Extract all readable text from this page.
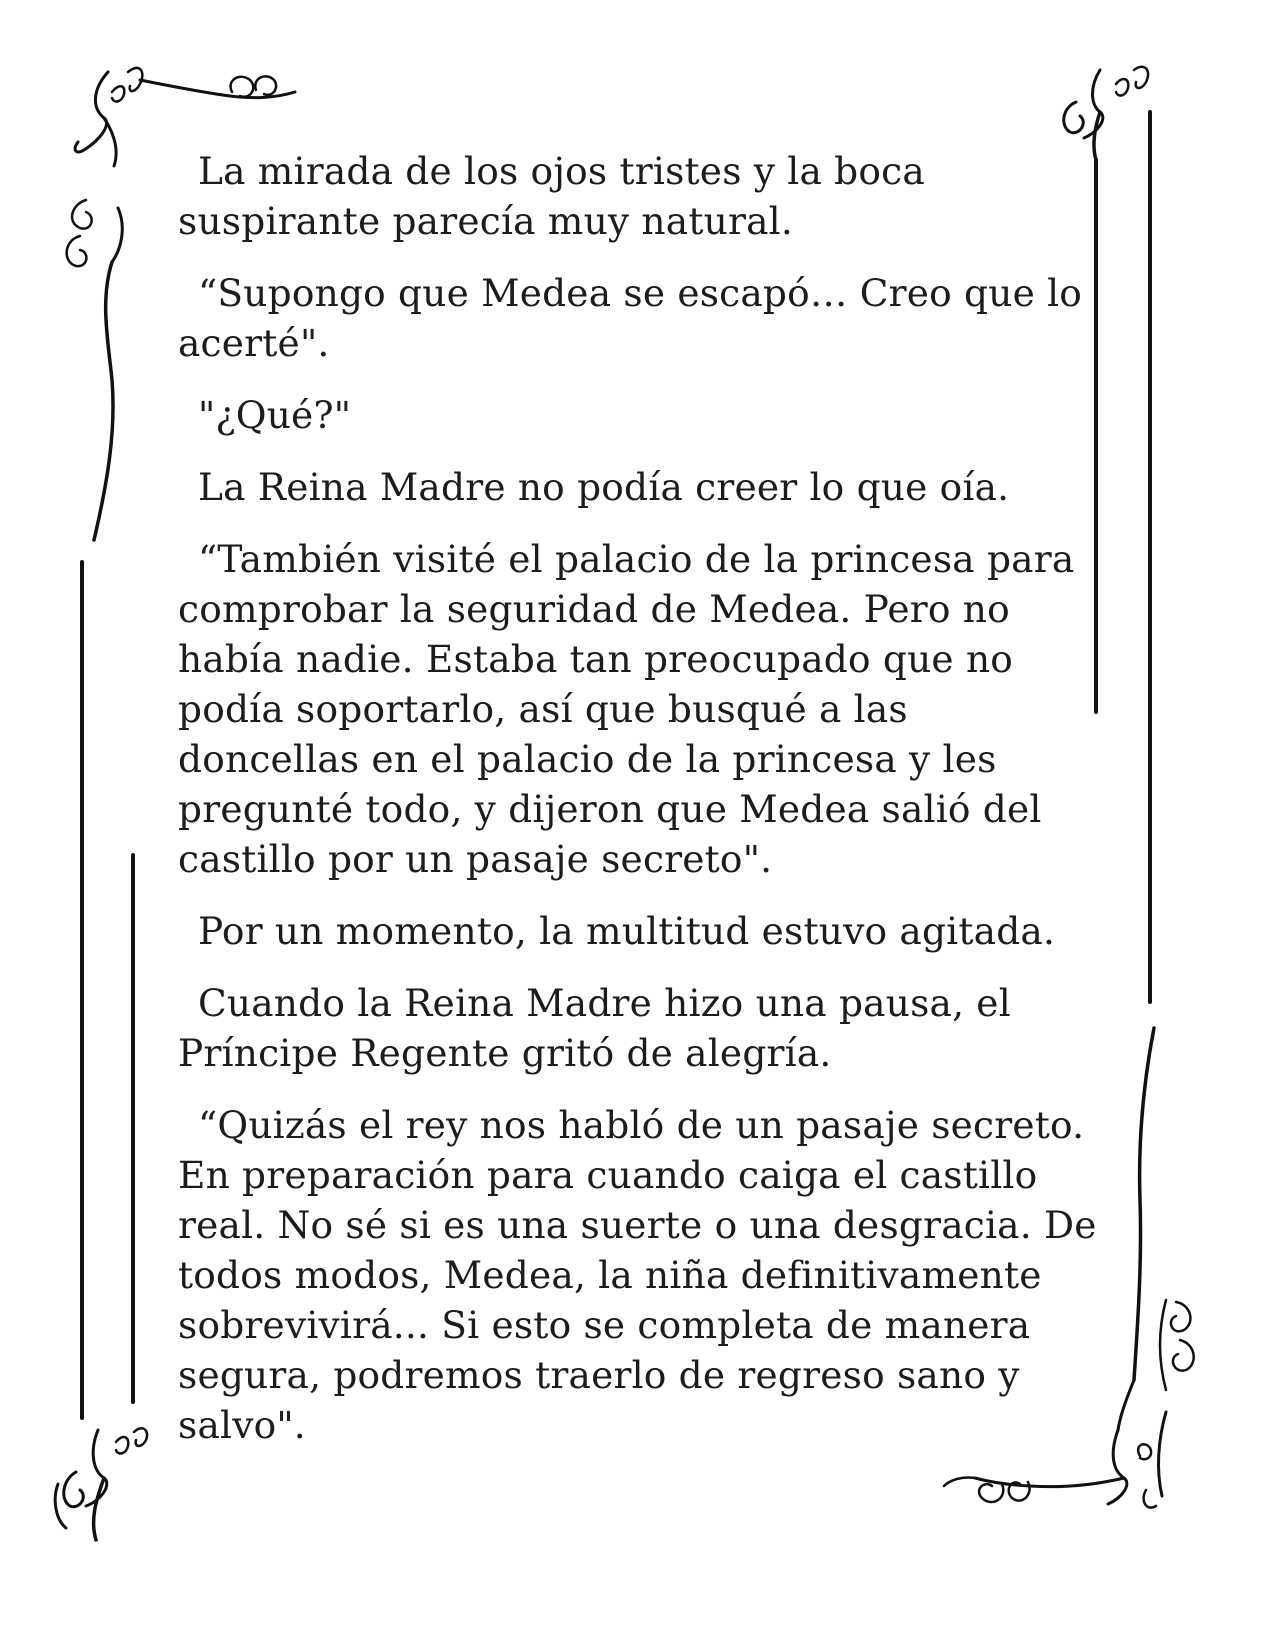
La mirada de los ojos tristes y la boca suspirante parecía muy natural.

“Supongo que Medea se escapó… Creo que lo acerté".

"¿Qué?"

La Reina Madre no podía creer lo que oía.

“También visité el palacio de la princesa para comprobar la seguridad de Medea. Pero no había nadie. Estaba tan preocupado que no podía soportarlo, así que busqué a las doncellas en el palacio de la princesa y les pregunté todo, y dijeron que Medea salió del castillo por un pasaje secreto".

Por un momento, la multitud estuvo agitada.

Cuando la Reina Madre hizo una pausa, el Príncipe Regente gritó de alegría.

“Quizás el rey nos habló de un pasaje secreto. En preparación para cuando caiga el castillo real. No sé si es una suerte o una desgracia. De todos modos, Medea, la niña definitivamente sobrevivirá... Si esto se completa de manera segura, podremos traerlo de regreso sano y salvo".
